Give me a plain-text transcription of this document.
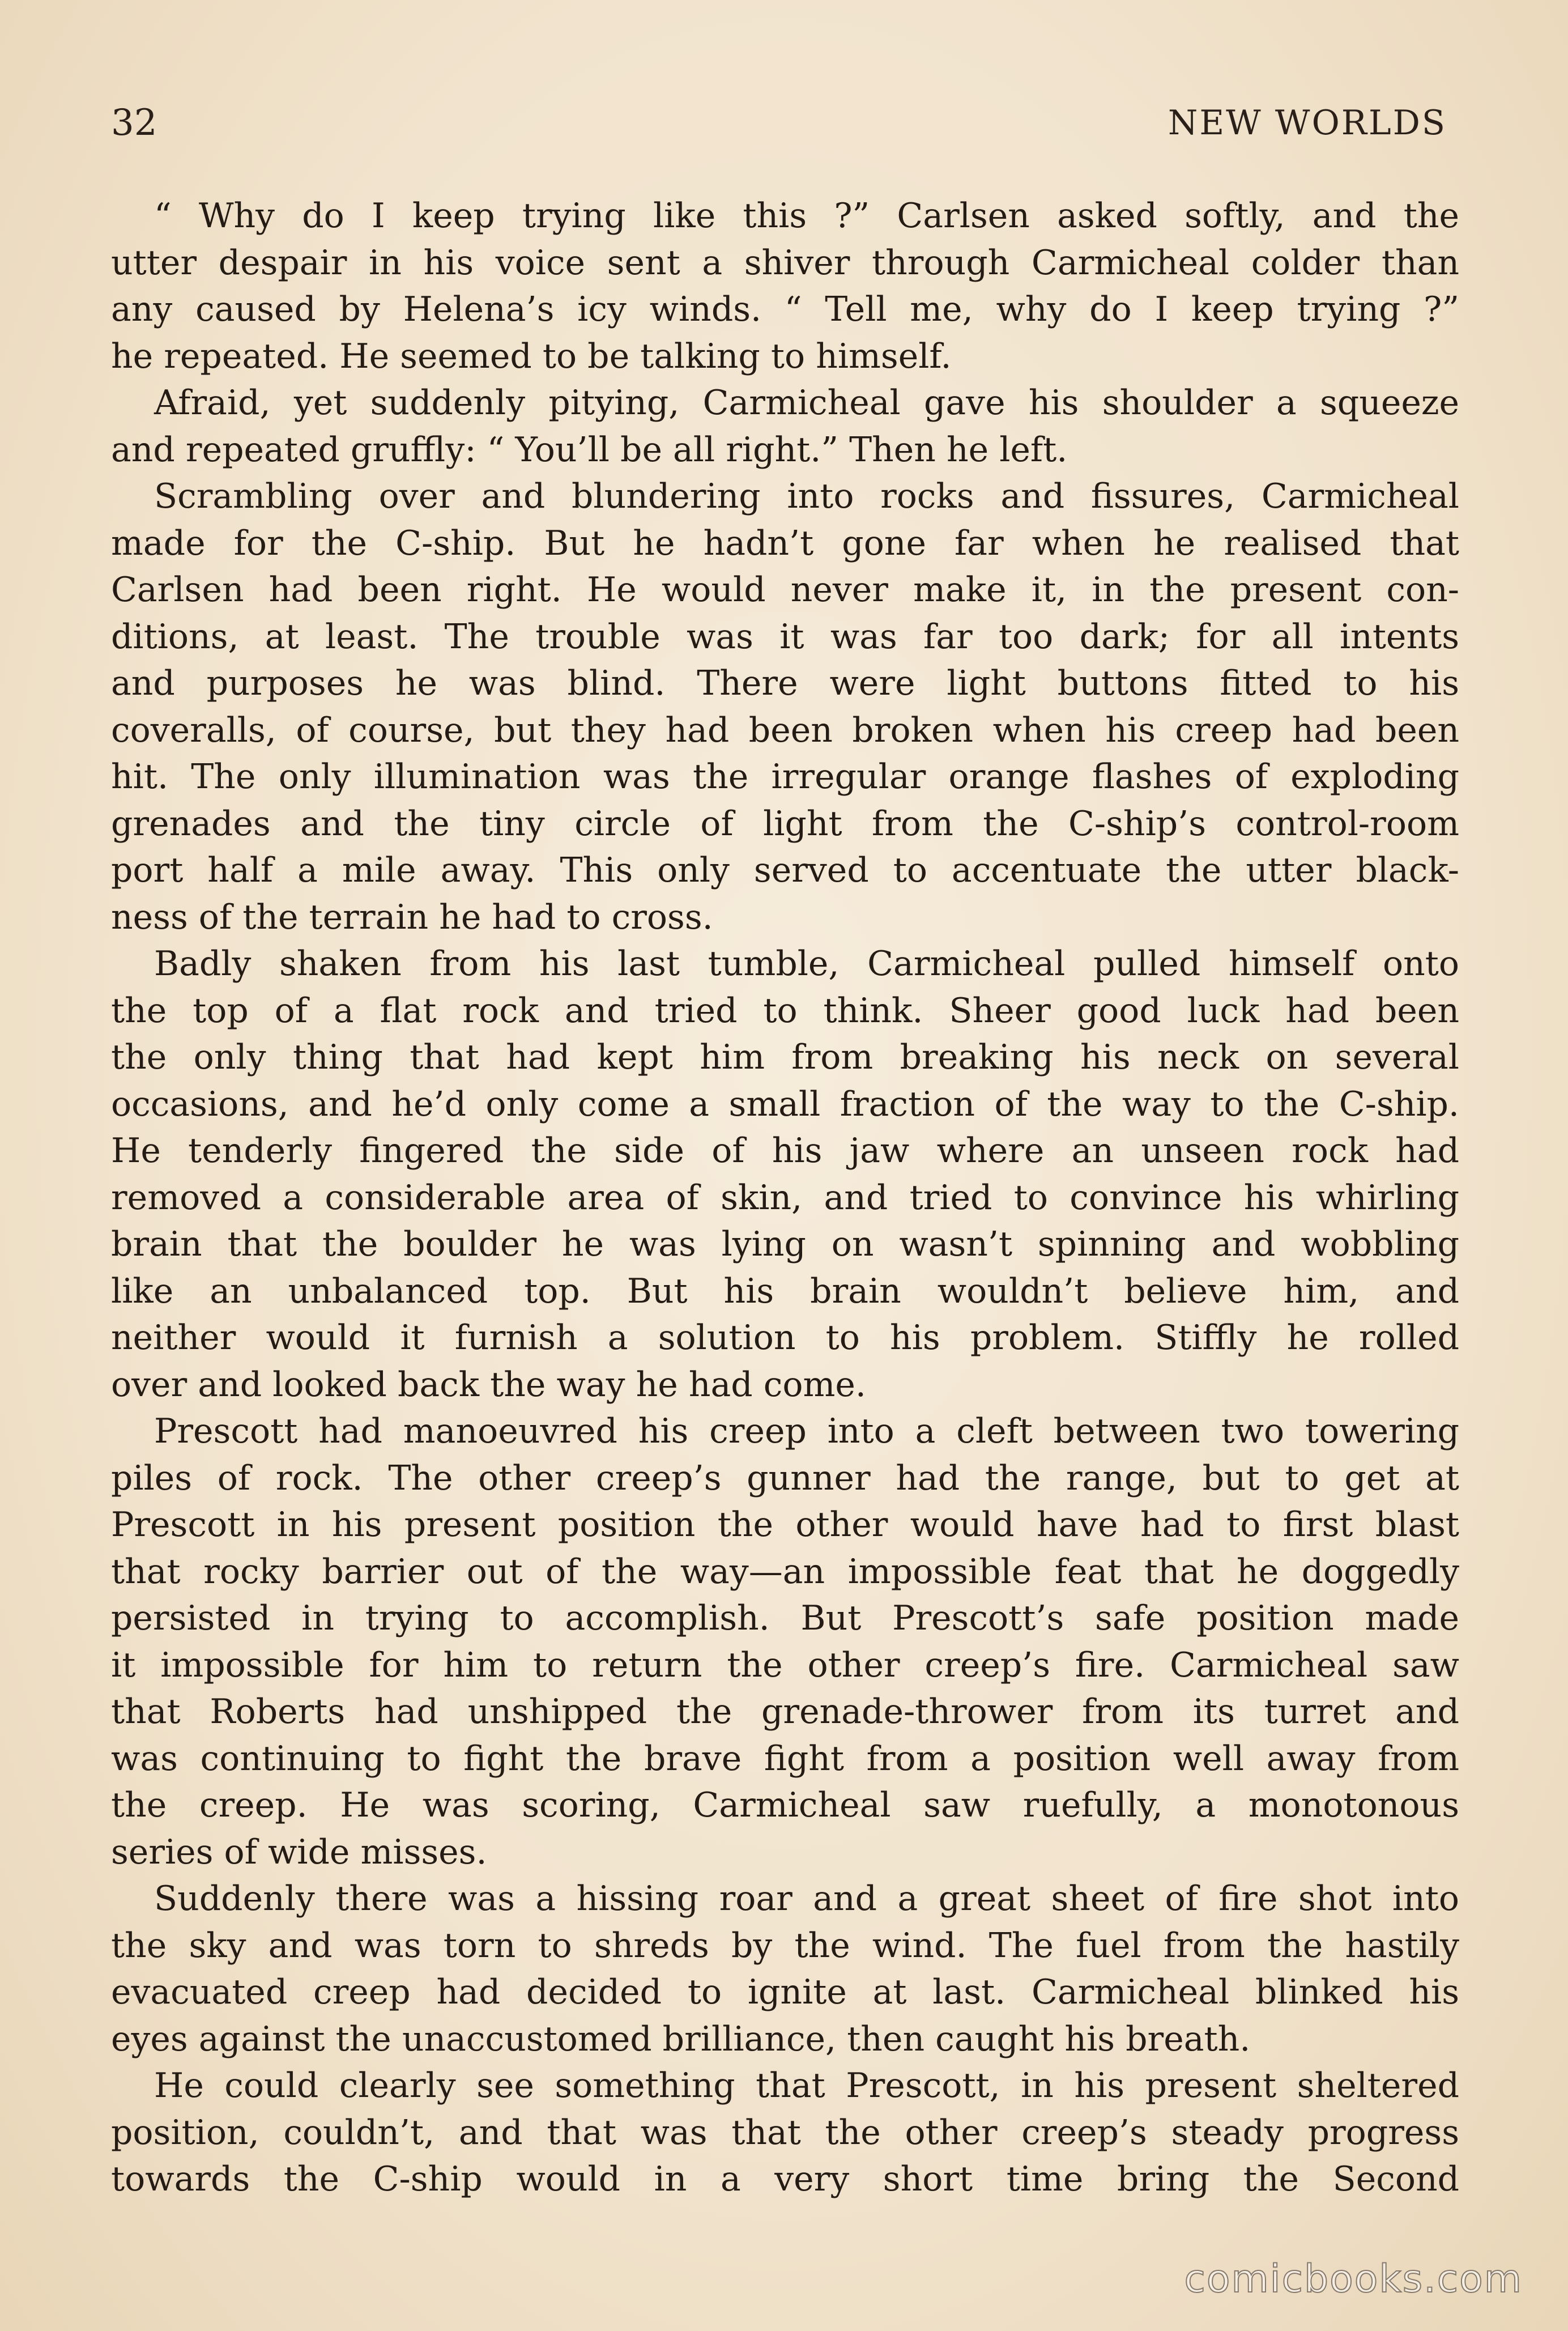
32	NEW WORLDS
“ Why do I keep trying like this ?” Carlsen asked softly, and the
utter despair in his voice sent a shiver through Carmicheal colder than
any caused by Helena’s icy winds. “ Tell me, why do I keep trying ?”
he repeated. He seemed to be talking to himself.
Afraid, yet suddenly pitying, Carmicheal gave his shoulder a squeeze
and repeated gruffly: “ You’ll be all right.” Then he left.
Scrambling over and blundering into rocks and fissures, Carmicheal
made for the C-ship. But he hadn’t gone far when he realised that
Carlsen had been right. He would never make it, in the present con-
ditions, at least. The trouble was it was far too dark; for all intents
and purposes he was blind. There were light buttons fitted to his
coveralls, of course, but they had been broken when his creep had been
hit. The only illumination was the irregular orange flashes of exploding
grenades and the tiny circle of light from the C-ship’s control-room
port half a mile away. This only served to accentuate the utter black-
ness of the terrain he had to cross.
Badly shaken from his last tumble, Carmicheal pulled himself onto
the top of a flat rock and tried to think. Sheer good luck had been
the only thing that had kept him from breaking his neck on several
occasions, and he’d only come a small fraction of the way to the C-ship.
He tenderly fingered the side of his jaw where an unseen rock had
removed a considerable area of skin, and tried to convince his whirling
brain that the boulder he was lying on wasn’t spinning and wobbling
like an unbalanced top. But his brain wouldn’t believe him, and
neither would it furnish a solution to his problem. Stiffly he rolled
over and looked back the way he had come.
Prescott had manoeuvred his creep into a cleft between two towering
piles of rock. The other creep’s gunner had the range, but to get at
Prescott in his present position the other would have had to first blast
that rocky barrier out of the way—an impossible feat that he doggedly
persisted in trying to accomplish. But Prescott’s safe position made
it impossible for him to return the other creep’s fire. Carmicheal saw
that Roberts had unshipped the grenade-thrower from its turret and
was continuing to fight the brave fight from a position well away from
the creep. He was scoring, Carmicheal saw ruefully, a monotonous
series of wide misses.
Suddenly there was a hissing roar and a great sheet of fire shot into
the sky and was torn to shreds by the wind. The fuel from the hastily
evacuated creep had decided to ignite at last. Carmicheal blinked his
eyes against the unaccustomed brilliance, then caught his breath.
He could clearly see something that Prescott, in his present sheltered
position, couldn’t, and that was that the other creep’s steady progress
towards the C-ship would in a very short time bring the Second
comicbooks.com
